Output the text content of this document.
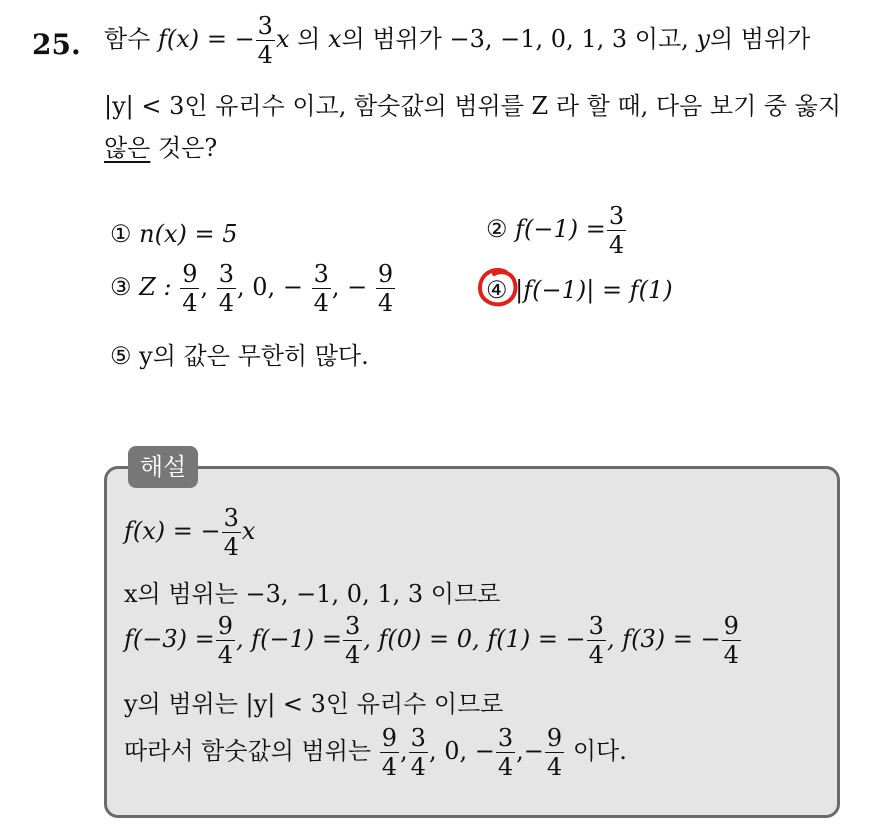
25. 함수 f(x) = − $\frac{3}{4}$ x 의 x의 범위가 −3, −1, 0, 1, 3 이고, y의 범위가
|y| < 3인 유리수 이고, 함숫값의 범위를 Z 라 할 때, 다음 보기 중 옳지
않은 것은?
① n(x) = 5	② $f(-1) = \frac{3}{4}$
③ Z : $\frac{9}{4}$ , $\frac{3}{4}$ , 0, − $\frac{3}{4}$ , − $\frac{9}{4}$	④ |f(−1)| = f(1)
⑤ y의 값은 무한히 많다.
해설
f(x) = − $\frac{3}{4}$ x
x의 범위는 −3, −1, 0, 1, 3 이므로
$f(-3) = \frac{9}{4}$ , $f(-1) = \frac{3}{4}$ , f(0) = 0, f(1) = − $\frac{3}{4}$ , f(3) = − $\frac{9}{4}$
y의 범위는 |y| < 3인 유리수 이므로
따라서 함숫값의 범위는 $\frac{9}{4}$ , $\frac{3}{4}$ , 0, − $\frac{3}{4}$ ,− $\frac{9}{4}$ 이다.
